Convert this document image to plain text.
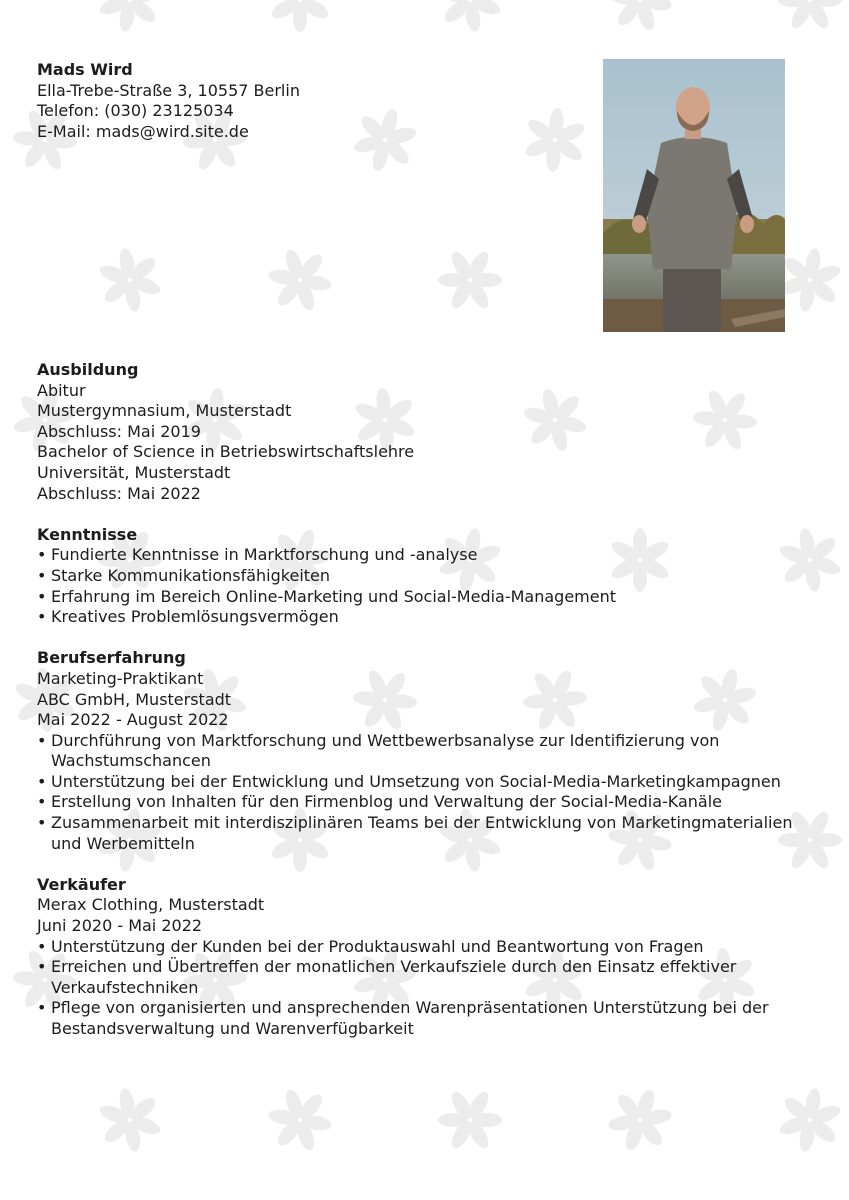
Mads Wird
Ella-Trebe-Straße 3, 10557 Berlin
Telefon: (030) 23125034
E-Mail: mads@wird.site.de
Ausbildung
Abitur
Mustergymnasium, Musterstadt
Abschluss: Mai 2019
Bachelor of Science in Betriebswirtschaftslehre
Universität, Musterstadt
Abschluss: Mai 2022
Kenntnisse
• Fundierte Kenntnisse in Marktforschung und -analyse
• Starke Kommunikationsfähigkeiten
• Erfahrung im Bereich Online-Marketing und Social-Media-Management
• Kreatives Problemlösungsvermögen
Berufserfahrung
Marketing-Praktikant
ABC GmbH, Musterstadt
Mai 2022 - August 2022
• Durchführung von Marktforschung und Wettbewerbsanalyse zur Identifizierung von Wachstumschancen
• Unterstützung bei der Entwicklung und Umsetzung von Social-Media-Marketingkampagnen
• Erstellung von Inhalten für den Firmenblog und Verwaltung der Social-Media-Kanäle
• Zusammenarbeit mit interdisziplinären Teams bei der Entwicklung von Marketingmaterialien und Werbemitteln
Verkäufer
Merax Clothing, Musterstadt
Juni 2020 - Mai 2022
• Unterstützung der Kunden bei der Produktauswahl und Beantwortung von Fragen
• Erreichen und Übertreffen der monatlichen Verkaufsziele durch den Einsatz effektiver Verkaufstechniken
• Pflege von organisierten und ansprechenden Warenpräsentationen Unterstützung bei der Bestandsverwaltung und Warenverfügbarkeit
